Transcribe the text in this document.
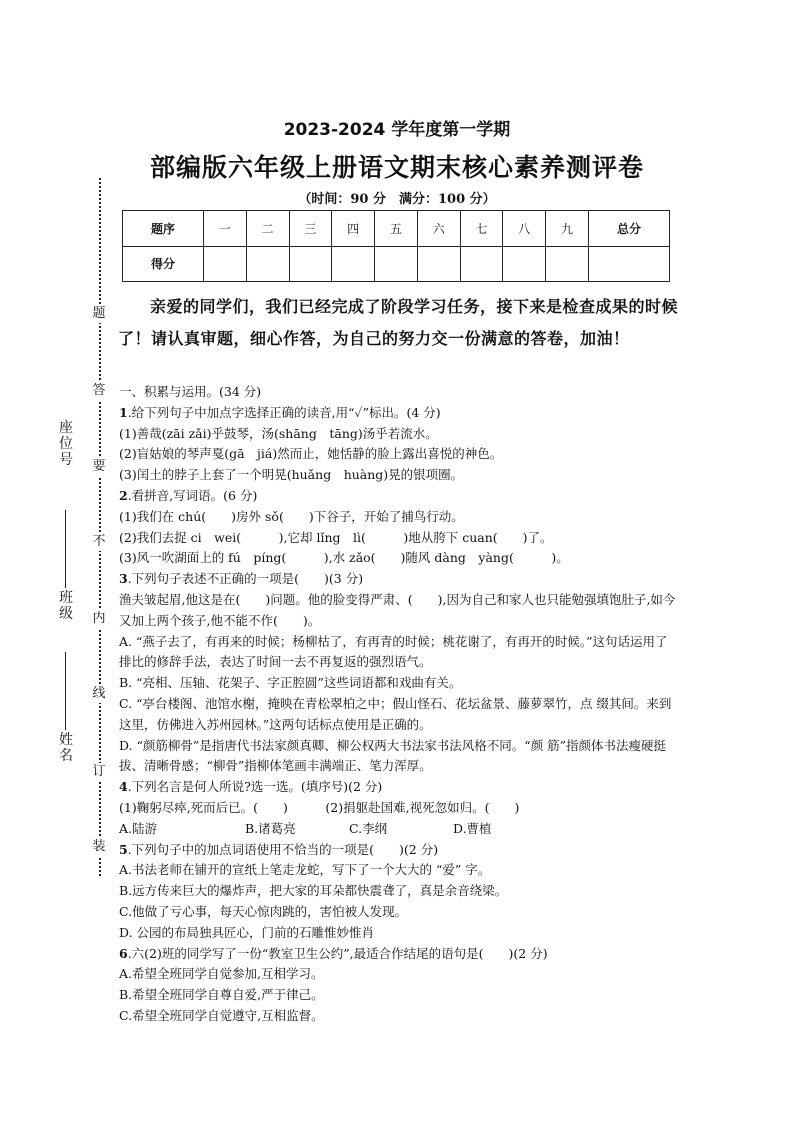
题
答
要
不
内
线
订
装
座位号
班级
姓名
2023-2024 学年度第一学期
部编版六年级上册语文期末核心素养测评卷
（时间：90 分　满分：100 分）
题序	一	二	三	四	五	六	七	八	九	总分
得分										
亲爱的同学们，我们已经完成了阶段学习任务，接下来是检查成果的时候了！请认真审题，细心作答，为自己的努力交一份满意的答卷，加油！
一、积累与运用。(34 分)
1.给下列句子中加点字选择正确的读音,用“✓”标出。(4 分)
(1)善哉(zāi zǎi)乎鼓琴，汤(shāng　tāng)汤乎若流水。
(2)盲姑娘的琴声戛(gā　jiá)然而止，她恬静的脸上露出喜悦的神色。
(3)闰土的脖子上套了一个明晃(huǎng　huàng)晃的银项圈。
2.看拼音,写词语。(6 分)
(1)我们在 chú(　　)房外 sǒ(　　)下谷子，开始了捕鸟行动。
(2)我们去捉 ci　wei(　　　),它却 lǐng　lì(　　　)地从胯下 cuan(　　)了。
(3)风一吹湖面上的 fú　píng(　　　),水 zǎo(　　)随风 dàng　yàng(　　　)。
3.下列句子表述不正确的一项是(　　)(3 分)
渔夫皱起眉,他这是在(　　)问题。他的脸变得严肃、(　　),因为自己和家人也只能勉强填饱肚子,如今又加上两个孩子,他不能不作(　　)。
A. “燕子去了，有再来的时候；杨柳枯了，有再青的时候；桃花谢了，有再开的时候。”这句话运用了排比的修辞手法，表达了时间一去不再复返的强烈语气。
B. “亮相、压轴、花架子、字正腔圆”这些词语都和戏曲有关。
C. “亭台楼阁、池馆水榭，掩映在青松翠柏之中；假山怪石、花坛盆景、藤萝翠竹，点 缀其间。来到这里，仿佛进入苏州园林。”这两句话标点使用是正确的。
D. “颜筋柳骨”是指唐代书法家颜真卿、柳公权两大书法家书法风格不同。“颜 筋”指颜体书法瘦硬挺拔、清晰骨感；“柳骨”指柳体笔画丰满端正、笔力浑厚。
4.下列名言是何人所说?选一选。(填序号)(2 分)
(1)鞠躬尽瘁,死而后已。(　　)　　　(2)捐躯赴国难,视死忽如归。(　　)
A.陆游	B.诸葛亮	C.李纲	D.曹植
5.下列句子中的加点词语使用不恰当的一项是(　　)(2 分)
A.书法老师在铺开的宣纸上笔走龙蛇，写下了一个大大的 “爱” 字。
B.远方传来巨大的爆炸声，把大家的耳朵都快震聋了，真是余音绕梁。
C.他做了亏心事，每天心惊肉跳的，害怕被人发现。
D. 公园的布局独具匠心，门前的石雕惟妙惟肖
6.六(2)班的同学写了一份“教室卫生公约”,最适合作结尾的语句是(　　)(2 分)
A.希望全班同学自觉参加,互相学习。
B.希望全班同学自尊自爱,严于律己。
C.希望全班同学自觉遵守,互相监督。
